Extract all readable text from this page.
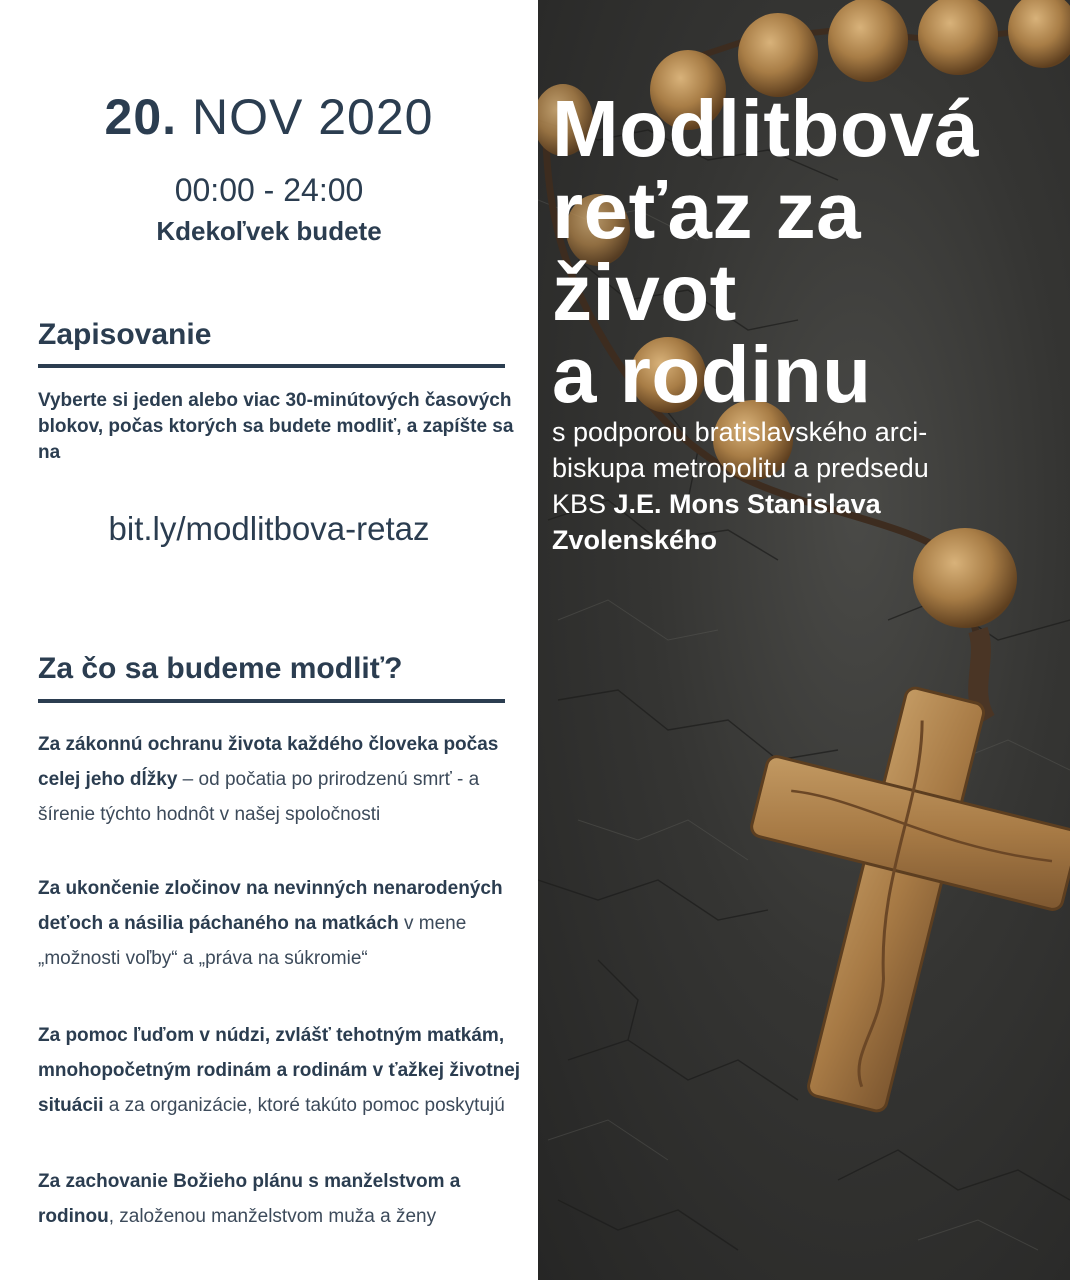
20. NOV 2020
00:00 - 24:00
Kdekoľvek budete
Zapisovanie
Vyberte si jeden alebo viac 30-minútových časových blokov, počas ktorých sa budete modliť, a zapíšte sa na
bit.ly/modlitbova-retaz
Za čo sa budeme modliť?
Za zákonnú ochranu života každého človeka počas celej jeho dĺžky – od počatia po prirodzenú smrť - a šírenie týchto hodnôt v našej spoločnosti
Za ukončenie zločinov na nevinných nenarodených deťoch a násilia páchaného na matkách v mene „možnosti voľby“ a „práva na súkromie“
Za pomoc ľuďom v núdzi, zvlášť tehotným matkám, mnohopočetným rodinám a rodinám v ťažkej životnej situácii a za organizácie, ktoré takúto pomoc poskytujú
Za zachovanie Božieho plánu s manželstvom a rodinou, založenou manželstvom muža a ženy
Modlitbová
reťaz za
život
a rodinu
s podporou bratislavského arci-
biskupa metropolitu a predsedu
KBS J.E. Mons Stanislava
Zvolenského
